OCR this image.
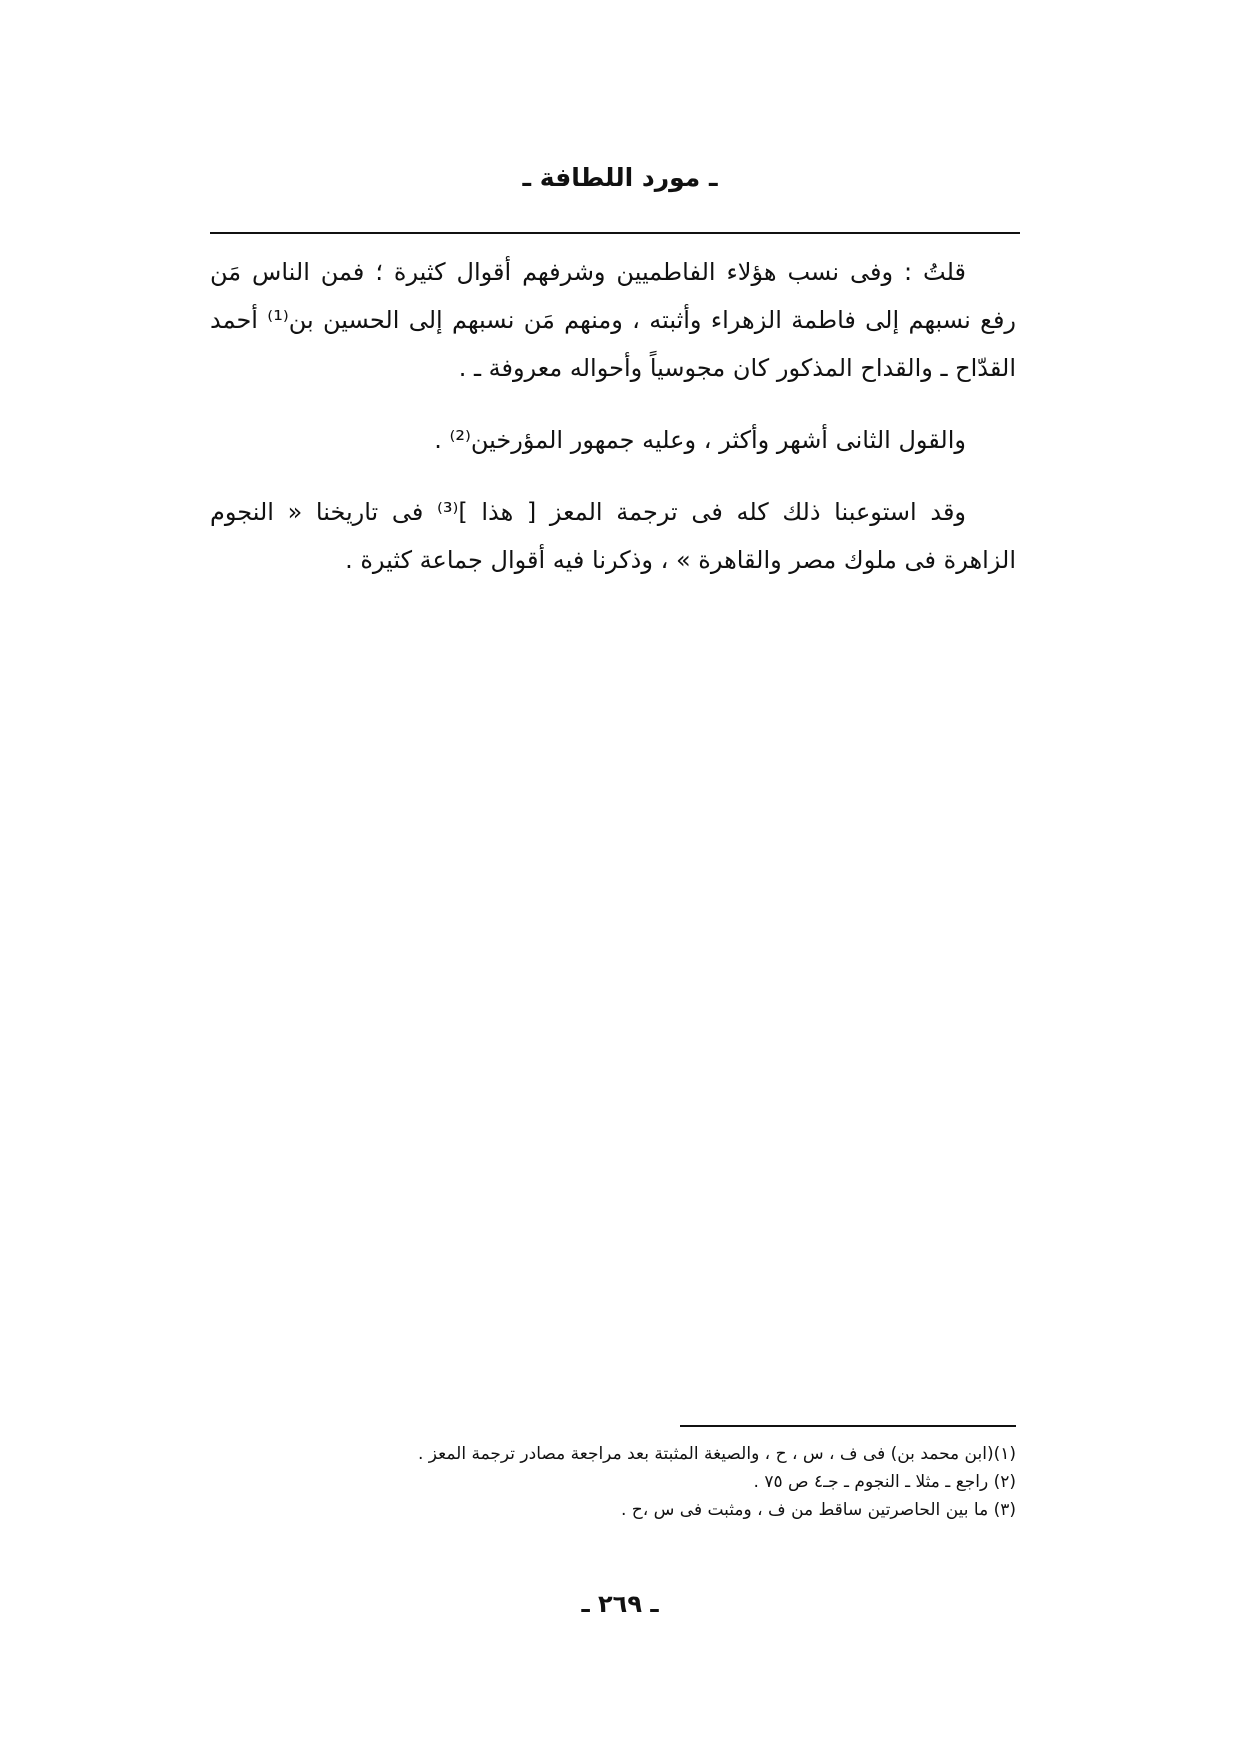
ـ مورد اللطافة ـ

قلتُ : وفى نسب هؤلاء الفاطميين وشرفهم أقوال كثيرة ؛ فمن الناس مَن رفع نسبهم إلى فاطمة الزهراء وأثبته ، ومنهم مَن نسبهم إلى الحسين بن⁽¹⁾ أحمد القدّاح ـ والقداح المذكور كان مجوسياً وأحواله معروفة ـ .

والقول الثانى أشهر وأكثر ، وعليه جمهور المؤرخين⁽²⁾ .

وقد استوعبنا ذلك كله فى ترجمة المعز [ هذا ]⁽³⁾ فى تاريخنا « النجوم الزاهرة فى ملوك مصر والقاهرة » ، وذكرنا فيه أقوال جماعة كثيرة .

(١)(ابن محمد بن) فى ف ، س ، ح ، والصيغة المثبتة بعد مراجعة مصادر ترجمة المعز .

(٢) راجع ـ مثلا ـ النجوم ـ جـ٤ ص ٧٥ .

(٣) ما بين الحاصرتين ساقط من ف ، ومثبت فى س ،ح .

ـ ٢٦٩ ـ
